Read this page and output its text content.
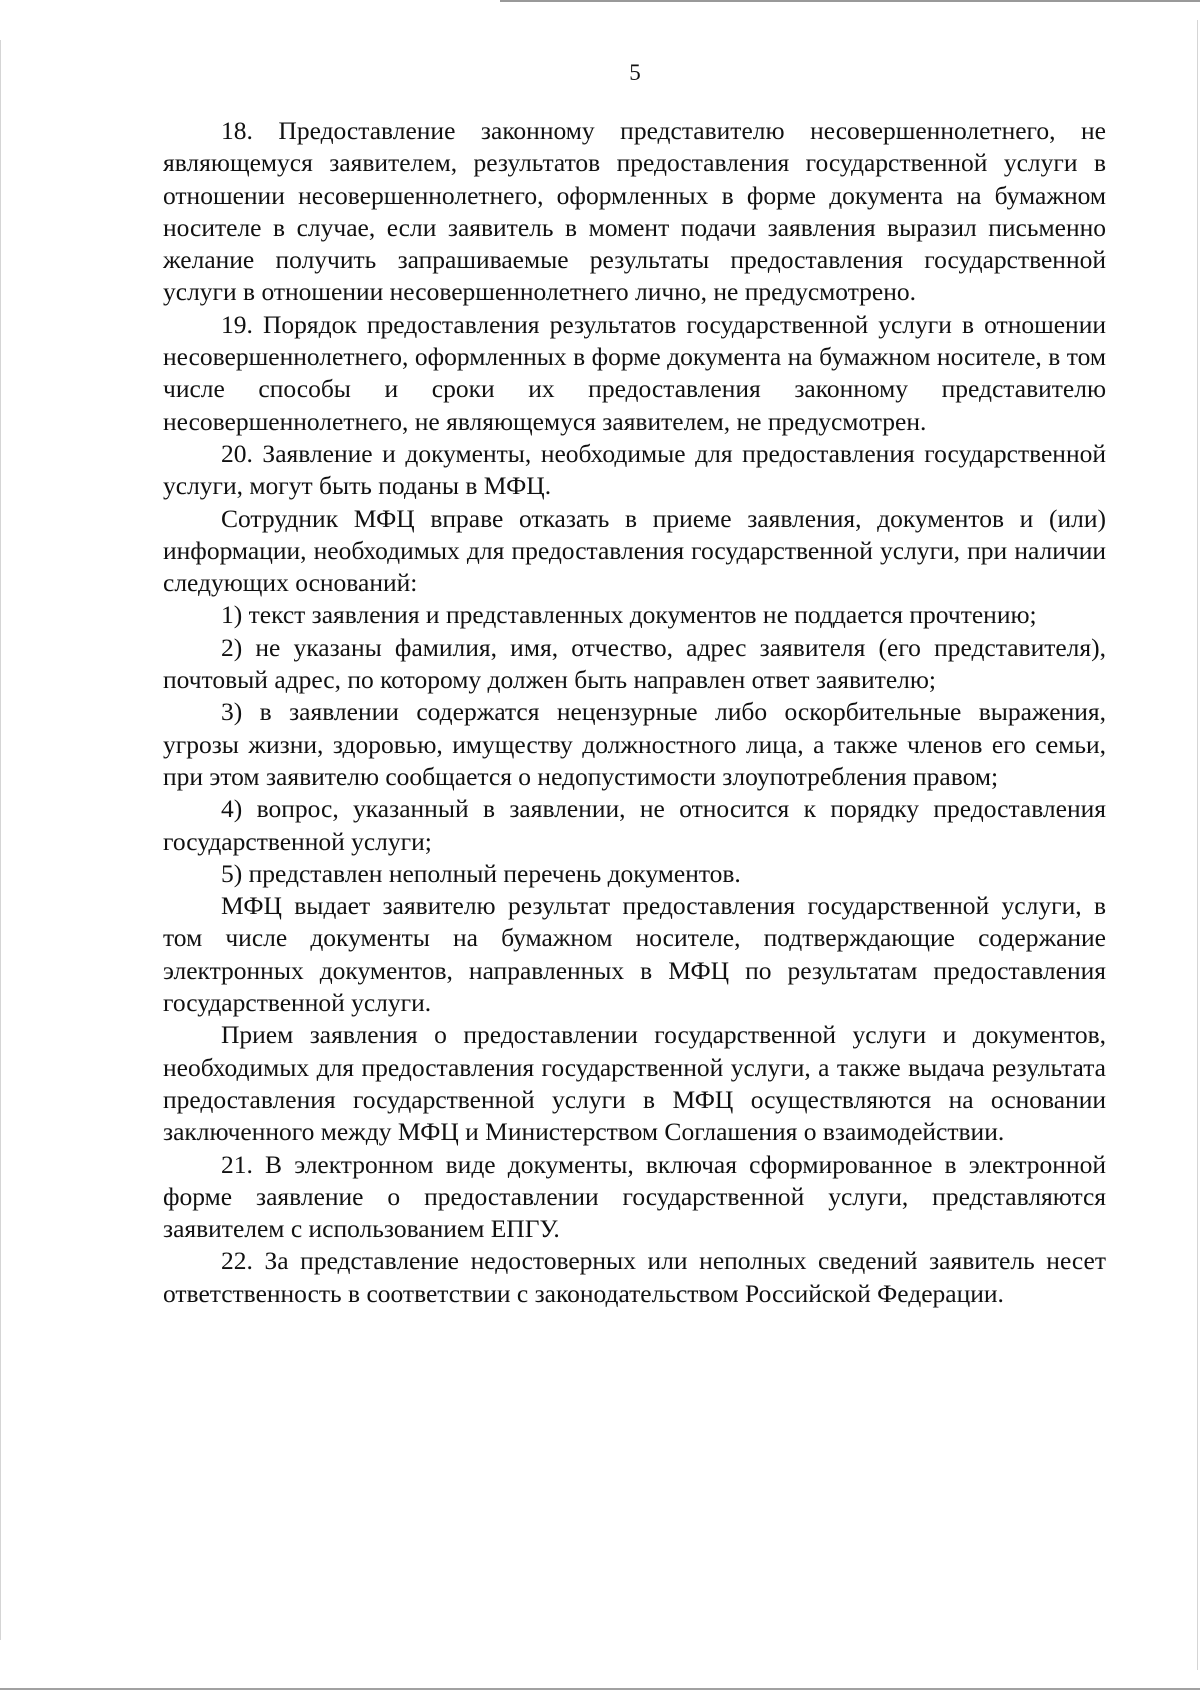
5

18. Предоставление законному представителю несовершеннолетнего, не являющемуся заявителем, результатов предоставления государственной услуги в отношении несовершеннолетнего, оформленных в форме документа на бумажном носителе в случае, если заявитель в момент подачи заявления выразил письменно желание получить запрашиваемые результаты предоставления государственной услуги в отношении несовершеннолетнего лично, не предусмотрено.

19. Порядок предоставления результатов государственной услуги в отношении несовершеннолетнего, оформленных в форме документа на бумажном носителе, в том числе способы и сроки их предоставления законному представителю несовершеннолетнего, не являющемуся заявителем, не предусмотрен.

20. Заявление и документы, необходимые для предоставления государственной услуги, могут быть поданы в МФЦ.

Сотрудник МФЦ вправе отказать в приеме заявления, документов и (или) информации, необходимых для предоставления государственной услуги, при наличии следующих оснований:

1) текст заявления и представленных документов не поддается прочтению;

2) не указаны фамилия, имя, отчество, адрес заявителя (его представителя), почтовый адрес, по которому должен быть направлен ответ заявителю;

3) в заявлении содержатся нецензурные либо оскорбительные выражения, угрозы жизни, здоровью, имуществу должностного лица, а также членов его семьи, при этом заявителю сообщается о недопустимости злоупотребления правом;

4) вопрос, указанный в заявлении, не относится к порядку предоставления государственной услуги;

5) представлен неполный перечень документов.

МФЦ выдает заявителю результат предоставления государственной услуги, в том числе документы на бумажном носителе, подтверждающие содержание электронных документов, направленных в МФЦ по результатам предоставления государственной услуги.

Прием заявления о предоставлении государственной услуги и документов, необходимых для предоставления государственной услуги, а также выдача результата предоставления государственной услуги в МФЦ осуществляются на основании заключенного между МФЦ и Министерством Соглашения о взаимодействии.

21. В электронном виде документы, включая сформированное в электронной форме заявление о предоставлении государственной услуги, представляются заявителем с использованием ЕПГУ.

22. За представление недостоверных или неполных сведений заявитель несет ответственность в соответствии с законодательством Российской Федерации.
